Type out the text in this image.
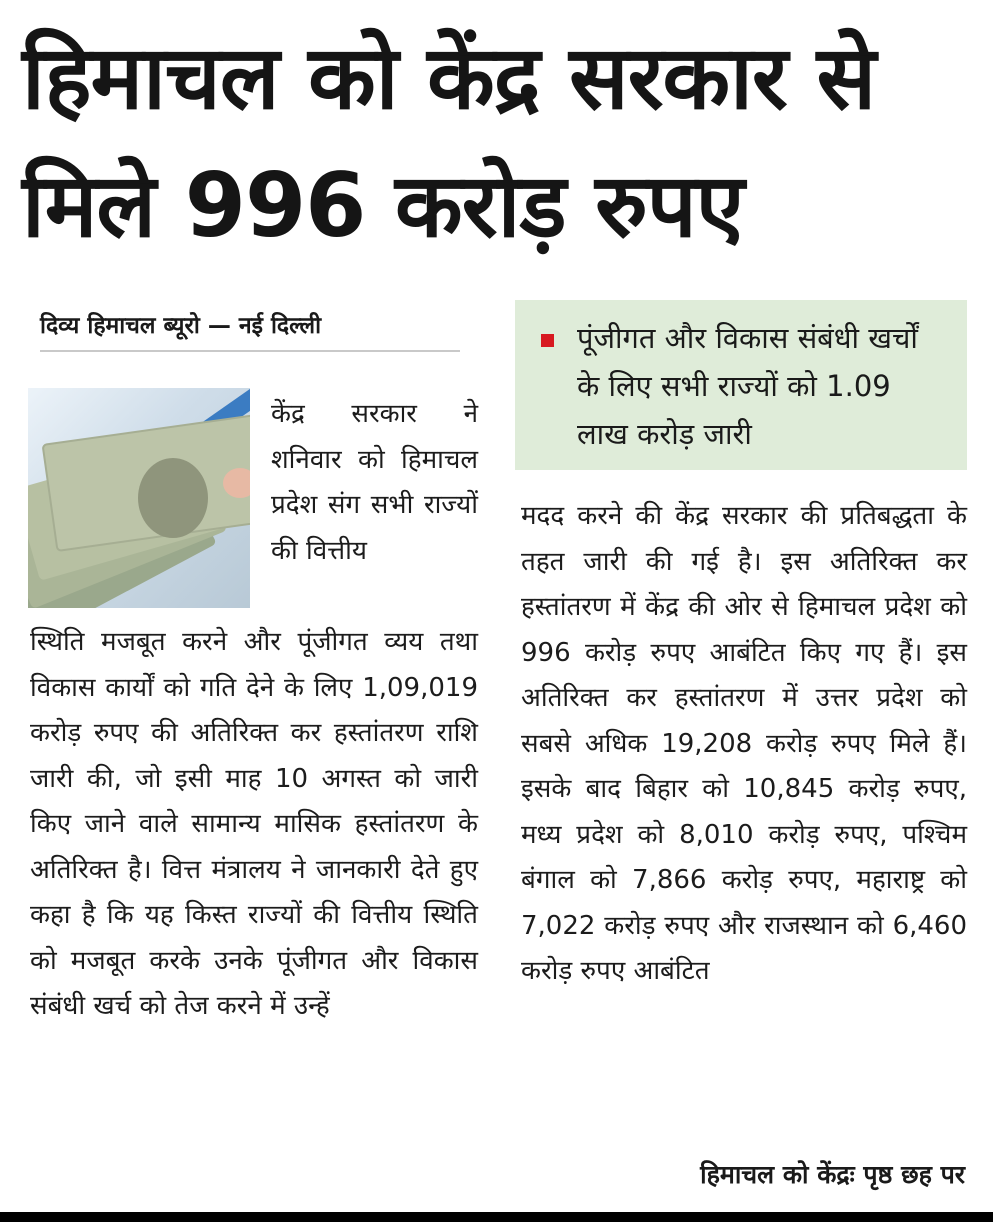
हिमाचल को केंद्र सरकार से मिले 996 करोड़ रुपए
दिव्य हिमाचल ब्यूरो — नई दिल्ली	पूंजीगत और विकास संबंधी खर्चों के लिए सभी राज्यों को 1.09 लाख करोड़ जारी
केंद्र सरकार ने शनिवार को हिमाचल प्रदेश संग सभी राज्यों की वित्तीय
स्थिति मजबूत करने और पूंजीगत व्यय तथा विकास कार्यों को गति देने के लिए 1,09,019 करोड़ रुपए की अतिरिक्त कर हस्तांतरण राशि जारी की, जो इसी माह 10 अगस्त को जारी किए जाने वाले सामान्य मासिक हस्तांतरण के अतिरिक्त है। वित्त मंत्रालय ने जानकारी देते हुए कहा है कि यह किस्त राज्यों की वित्तीय स्थिति को मजबूत करके उनके पूंजीगत और विकास संबंधी खर्च को तेज करने में उन्हें
मदद करने की केंद्र सरकार की प्रतिबद्धता के तहत जारी की गई है। इस अतिरिक्त कर हस्तांतरण में केंद्र की ओर से हिमाचल प्रदेश को 996 करोड़ रुपए आबंटित किए गए हैं। इस अतिरिक्त कर हस्तांतरण में उत्तर प्रदेश को सबसे अधिक 19,208 करोड़ रुपए मिले हैं। इसके बाद बिहार को 10,845 करोड़ रुपए, मध्य प्रदेश को 8,010 करोड़ रुपए, पश्चिम बंगाल को 7,866 करोड़ रुपए, महाराष्ट्र को 7,022 करोड़ रुपए और राजस्थान को 6,460 करोड़ रुपए आबंटित
हिमाचल को केंद्रः पृष्ठ छह पर
